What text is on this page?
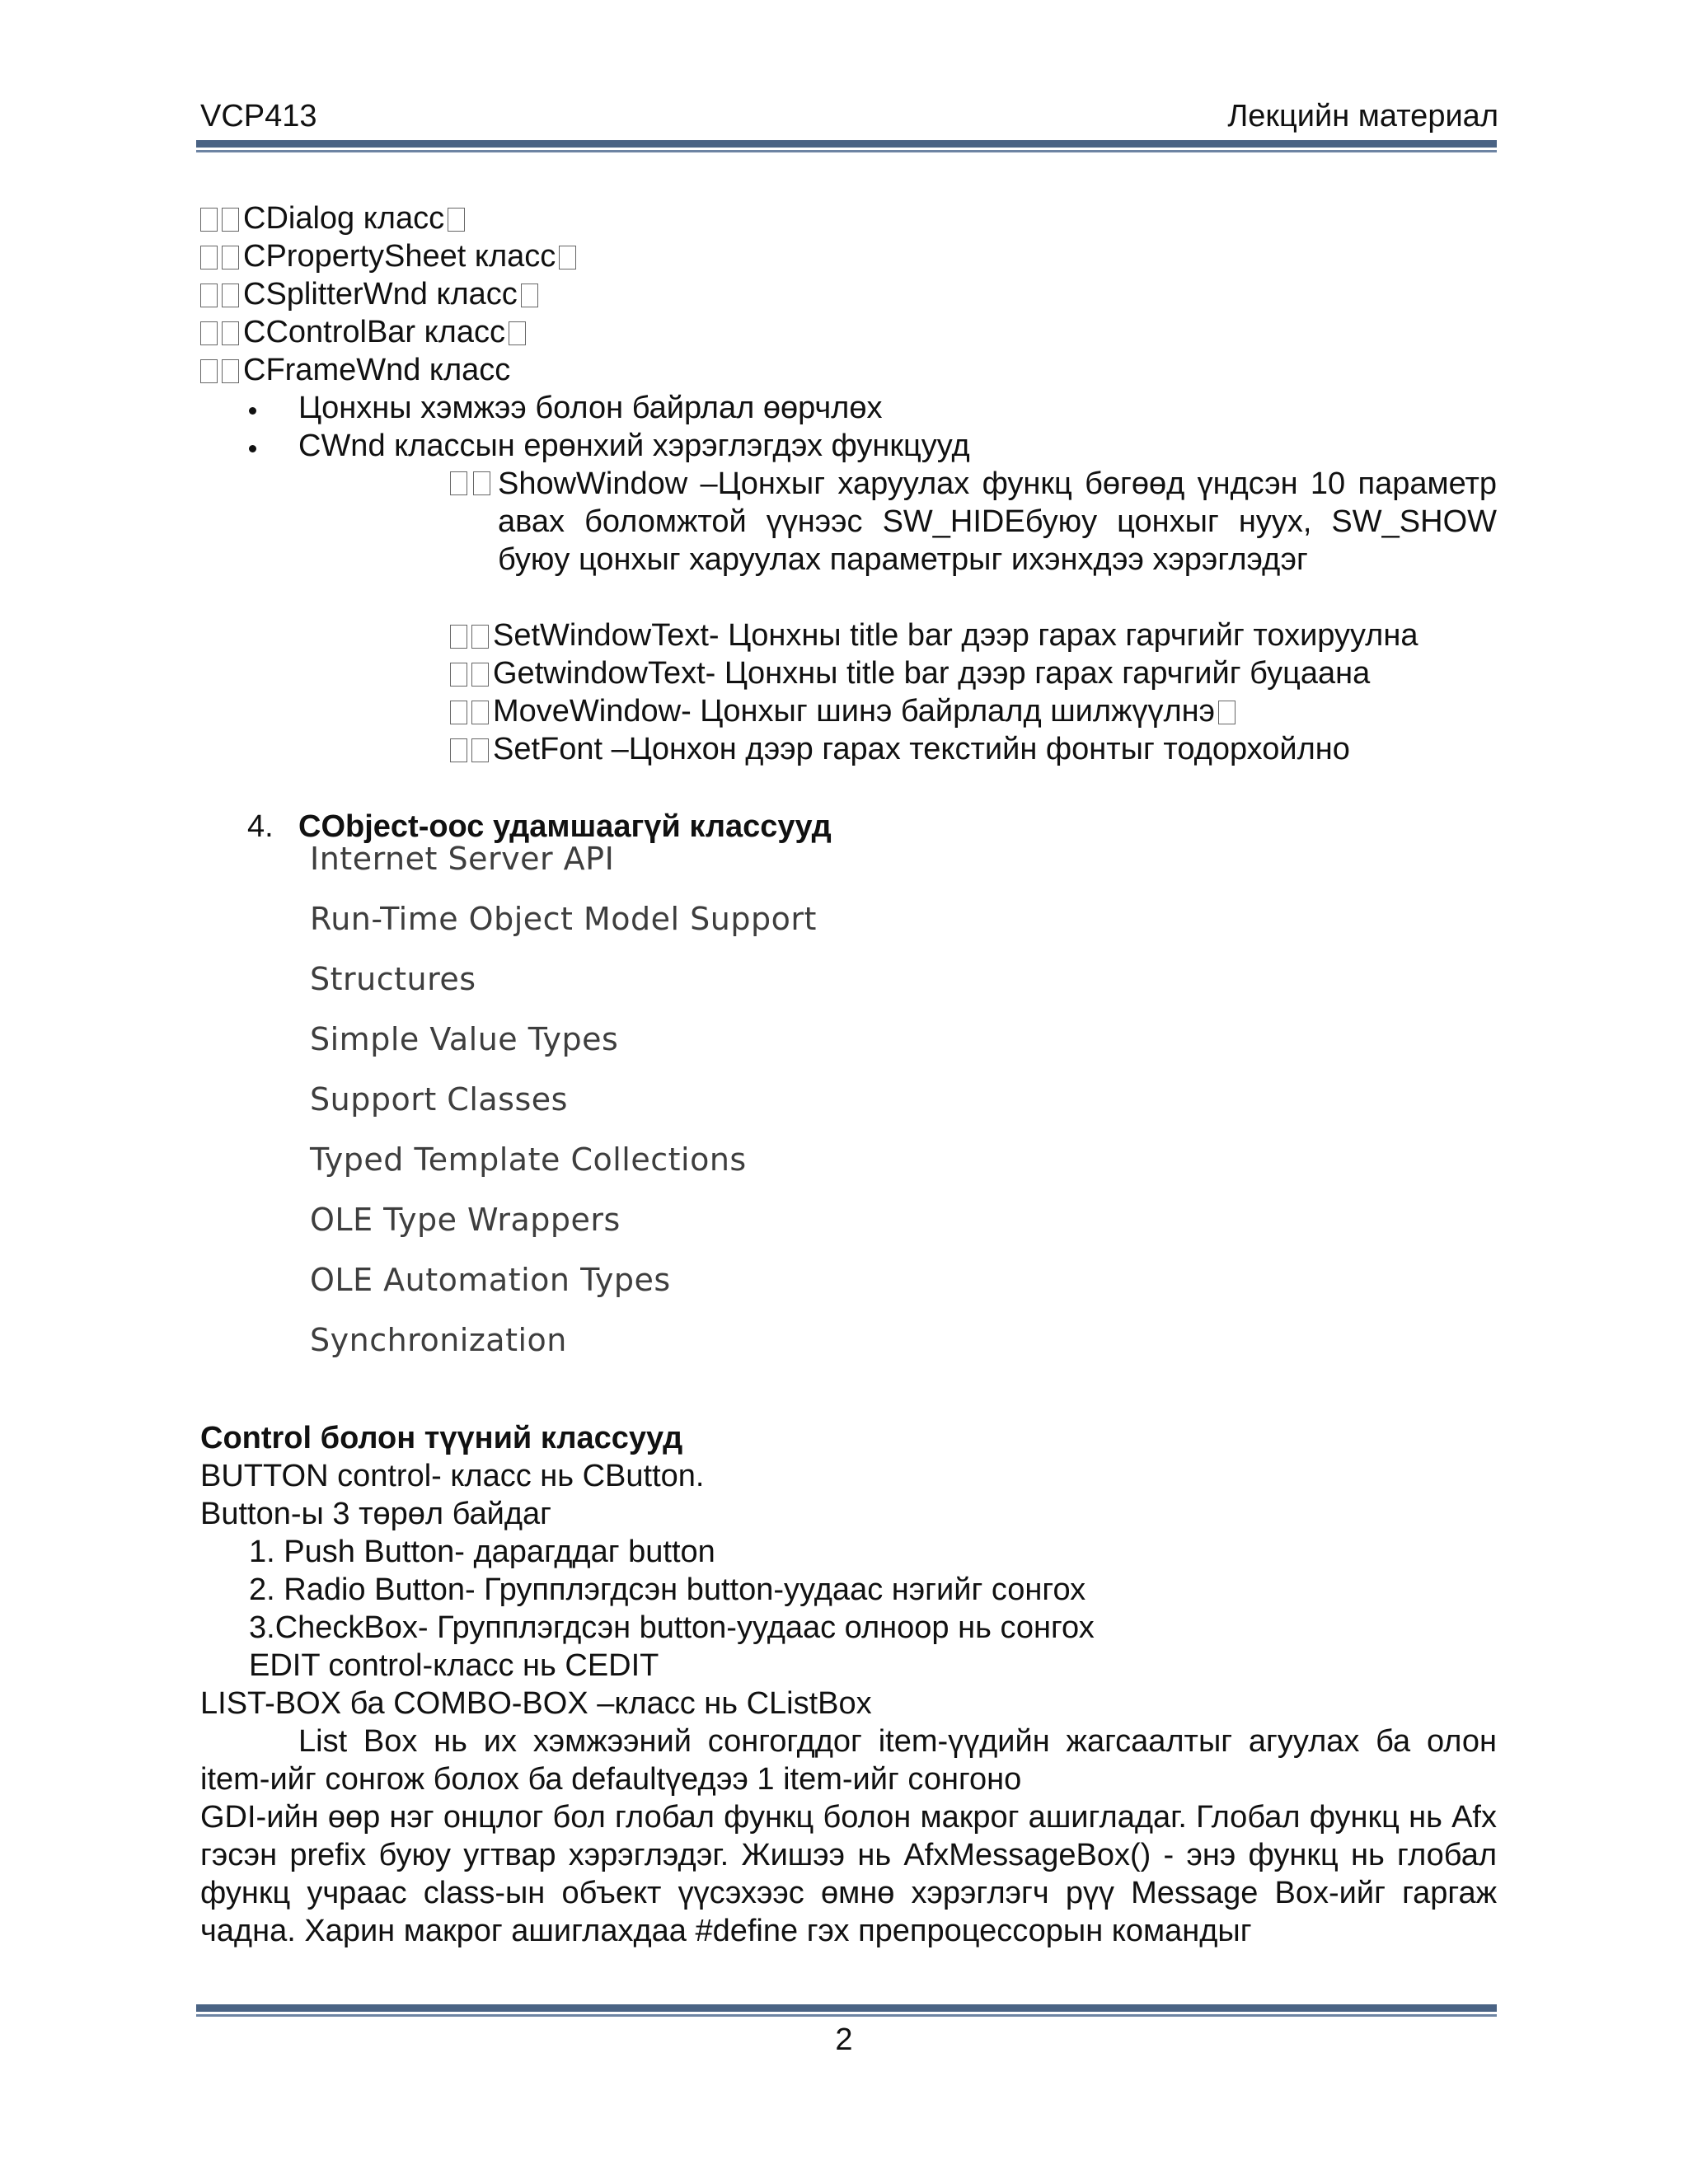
VCP413	Лекцийн материал
CDialog класс
CPropertySheet класс
CSplitterWnd класс
CControlBar класс
CFrameWnd класс
Цонхны хэмжээ болон байрлал өөрчлөх
CWnd классын ерөнхий хэрэглэгдэх функцууд
ShowWindow –Цонхыг харуулах функц бөгөөд үндсэн 10 параметр авах боломжтой үүнээс SW_HIDEбуюу цонхыг нуух, SW_SHOW буюу цонхыг харуулах параметрыг ихэнхдээ хэрэглэдэг
SetWindowText- Цонхны title bar дээр гарах гарчгийг тохируулна
GetwindowText- Цонхны title bar дээр гарах гарчгийг буцаана
MoveWindow- Цонхыг шинэ байрлалд шилжүүлнэ
SetFont –Цонхон дээр гарах текстийн фонтыг тодорхойлно
4. CObject-оос удамшаагүй классууд
Internet Server API
Run-Time Object Model Support
Structures
Simple Value Types
Support Classes
Typed Template Collections
OLE Type Wrappers
OLE Automation Types
Synchronization
Control болон түүний классууд
BUTTON control- класс нь CButton.
Button-ы 3 төрөл байдаг
1. Push Button- дарагддаг button
2. Radio Button- Групплэгдсэн button-уудаас нэгийг сонгох
3.CheckBox- Групплэгдсэн button-уудаас олноор нь сонгох
EDIT control-класс нь CEDIT
LIST-BOX ба COMBO-BOX –класс нь CListBox
List Box нь их хэмжээний сонгогддог item-үүдийн жагсаалтыг агуулах ба олон item-ийг сонгож болох ба defaultүедээ 1 item-ийг сонгоно
GDI-ийн өөр нэг онцлог бол глобал функц болон макрог ашигладаг. Глобал функц нь Afx гэсэн prefix буюу угтвар хэрэглэдэг. Жишээ нь AfxMessageBox() - энэ функц нь глобал функц учраас class-ын объект үүсэхээс өмнө хэрэглэгч рүү Message Box-ийг гаргаж чадна. Харин макрог ашиглахдаа #define гэх препроцессорын командыг
2
